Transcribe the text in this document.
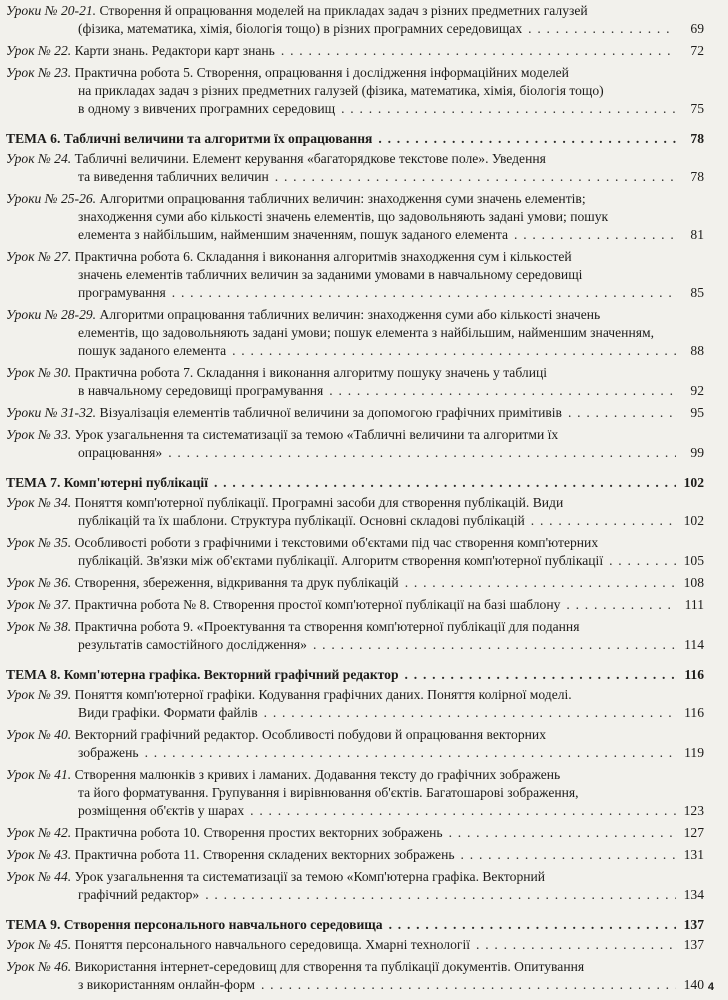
Уроки № 20-21.
Створення й опрацювання моделей на прикладах задач з різних предметних галузей
(фізика, математика, хімія, біологія тощо) в різних програмних середовищах . . .	69
Урок № 22.
Карти знань. Редактори карт знань . . .	72
Урок № 23.
Практична робота 5. Створення, опрацювання і дослідження інформаційних моделей
на прикладах задач з різних предметних галузей (фізика, математика, хімія, біологія тощо)
в одному з вивчених програмних середовищ . . .	75
ТЕМА 6. Табличні величини та алгоритми їх опрацювання . . .	78
Урок № 24.
Табличні величини. Елемент керування «багаторядкове текстове поле». Уведення
та виведення табличних величин . . .	78
Уроки № 25-26.
Алгоритми опрацювання табличних величин: знаходження суми значень елементів;
знаходження суми або кількості значень елементів, що задовольняють задані умови; пошук
елемента з найбільшим, найменшим значенням, пошук заданого елемента . . .	81
Урок № 27.
Практична робота 6. Складання і виконання алгоритмів знаходження сум і кількостей
значень елементів табличних величин за заданими умовами в навчальному середовищі
програмування . . .	85
Уроки № 28-29.
Алгоритми опрацювання табличних величин: знаходження суми або кількості значень
елементів, що задовольняють задані умови; пошук елемента з найбільшим, найменшим значенням,
пошук заданого елемента . . .	88
Урок № 30.
Практична робота 7. Складання і виконання алгоритму пошуку значень у таблиці
в навчальному середовищі програмування . . .	92
Уроки № 31-32.
Візуалізація елементів табличної величини за допомогою графічних примітивів . . .	95
Урок № 33.
Урок узагальнення та систематизації за темою «Табличні величини та алгоритми їх
опрацювання» . . .	99
ТЕМА 7. Комп'ютерні публікації . . .	102
Урок № 34.
Поняття комп'ютерної публікації. Програмні засоби для створення публікацій. Види
публікацій та їх шаблони. Структура публікації. Основні складові публікацій . . .	102
Урок № 35.
Особливості роботи з графічними і текстовими об'єктами під час створення комп'ютерних
публікацій. Зв'язки між об'єктами публікації. Алгоритм створення комп'ютерної публікації . . .	105
Урок № 36.
Створення, збереження, відкривання та друк публікацій . . .	108
Урок № 37.
Практична робота № 8. Створення простої комп'ютерної публікації на базі шаблону . . .	111
Урок № 38.
Практична робота 9. «Проектування та створення комп'ютерної публікації для подання
результатів самостійного дослідження» . . .	114
ТЕМА 8. Комп'ютерна графіка. Векторний графічний редактор . . .	116
Урок № 39.
Поняття комп'ютерної графіки. Кодування графічних даних. Поняття колірної моделі.
Види графіки. Формати файлів . . .	116
Урок № 40.
Векторний графічний редактор. Особливості побудови й опрацювання векторних
зображень . . .	119
Урок № 41.
Створення малюнків з кривих і ламаних. Додавання тексту до графічних зображень
та його форматування. Групування і вирівнювання об'єктів. Багатошарові зображення,
розміщення об'єктів у шарах . . .	123
Урок № 42.
Практична робота 10. Створення простих векторних зображень . . .	127
Урок № 43.
Практична робота 11. Створення складених векторних зображень . . .	131
Урок № 44.
Урок узагальнення та систематизації за темою «Комп'ютерна графіка. Векторний
графічний редактор» . . .	134
ТЕМА 9. Створення персонального навчального середовища . . .	137
Урок № 45.
Поняття персонального навчального середовища. Хмарні технології . . .	137
Урок № 46.
Використання інтернет-середовищ для створення та публікації документів. Опитування
з використанням онлайн-форм . . .	140 4
